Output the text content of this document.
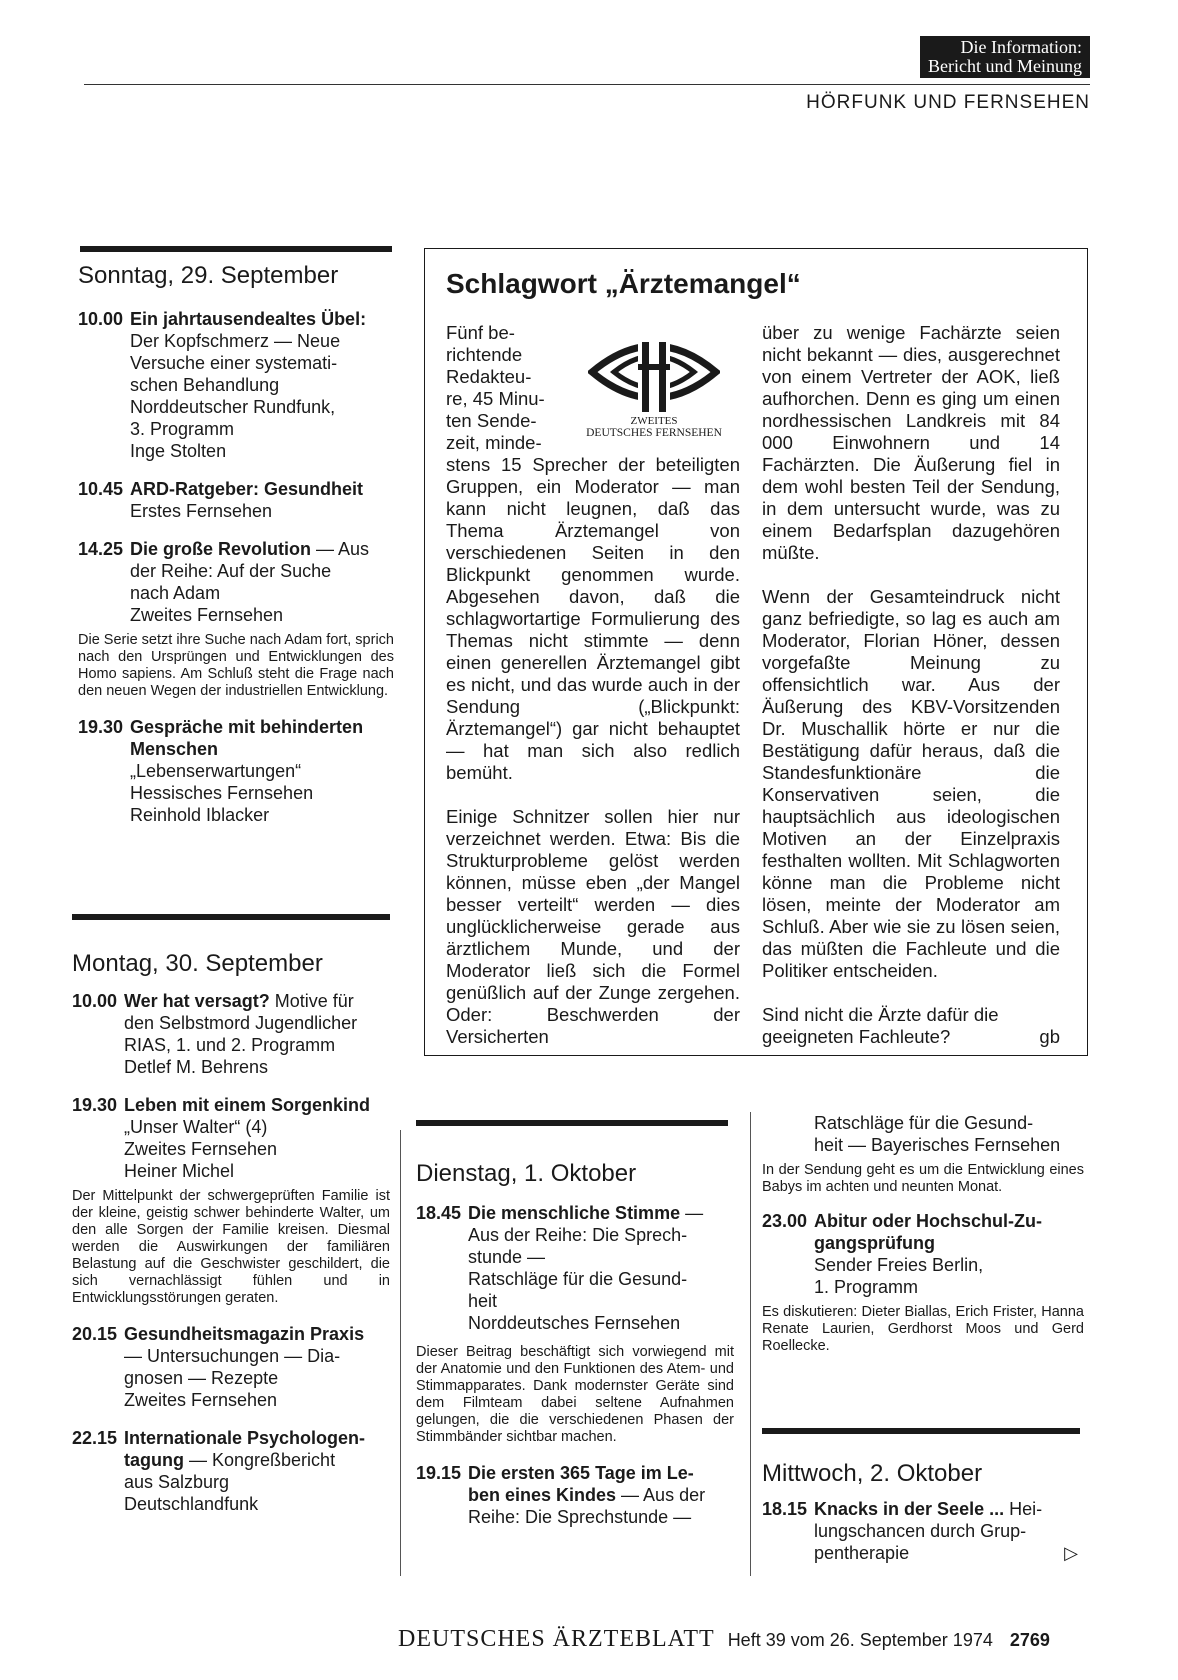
Die Information:
Bericht und Meinung
HÖRFUNK UND FERNSEHEN
Sonntag, 29. September
10.00 Ein jahrtausendealtes Übel:
Der Kopfschmerz — Neue
Versuche einer systemati-
schen Behandlung
Norddeutscher Rundfunk,
3. Programm
Inge Stolten
10.45 ARD-Ratgeber: Gesundheit
Erstes Fernsehen
14.25 Die große Revolution — Aus
der Reihe: Auf der Suche
nach Adam
Zweites Fernsehen
Die Serie setzt ihre Suche nach Adam fort, sprich nach den Ursprüngen und Entwicklungen des Homo sapiens. Am Schluß steht die Frage nach den neuen Wegen der industriellen Entwicklung.
19.30 Gespräche mit behinderten
Menschen
„Lebenserwartungen“
Hessisches Fernsehen
Reinhold Iblacker
Montag, 30. September
10.00 Wer hat versagt? Motive für
den Selbstmord Jugendlicher
RIAS, 1. und 2. Programm
Detlef M. Behrens
19.30 Leben mit einem Sorgenkind
„Unser Walter“ (4)
Zweites Fernsehen
Heiner Michel
Der Mittelpunkt der schwergeprüften Familie ist der kleine, geistig schwer behinderte Walter, um den alle Sorgen der Familie kreisen. Diesmal werden die Auswirkungen der familiären Belastung auf die Geschwister geschildert, die sich vernachlässigt fühlen und in Entwicklungsstörungen geraten.
20.15 Gesundheitsmagazin Praxis
— Untersuchungen — Dia-
gnosen — Rezepte
Zweites Fernsehen
22.15 Internationale Psychologen-
tagung — Kongreßbericht
aus Salzburg
Deutschlandfunk
Schlagwort „Ärztemangel“
Fünf be-
richtende
Redakteu-
re, 45 Minu-
ten Sende-
zeit, minde-
ZWEITES
DEUTSCHES FERNSEHEN
stens 15 Sprecher der beteiligten Gruppen, ein Moderator — man kann nicht leugnen, daß das Thema Ärztemangel von verschiedenen Seiten in den Blickpunkt genommen wurde. Abgesehen davon, daß die schlagwortartige Formulierung des Themas nicht stimmte — denn einen generellen Ärztemangel gibt es nicht, und das wurde auch in der Sendung („Blickpunkt: Ärztemangel“) gar nicht behauptet — hat man sich also redlich bemüht.
Einige Schnitzer sollen hier nur verzeichnet werden. Etwa: Bis die Strukturprobleme gelöst werden können, müsse eben „der Mangel besser verteilt“ werden — dies unglücklicherweise gerade aus ärztlichem Munde, und der Moderator ließ sich die Formel genüßlich auf der Zunge zergehen. Oder: Beschwerden der Versicherten
über zu wenige Fachärzte seien nicht bekannt — dies, ausgerechnet von einem Vertreter der AOK, ließ aufhorchen. Denn es ging um einen nordhessischen Landkreis mit 84 000 Einwohnern und 14 Fachärzten. Die Äußerung fiel in dem wohl besten Teil der Sendung, in dem untersucht wurde, was zu einem Bedarfsplan dazugehören müßte.
Wenn der Gesamteindruck nicht ganz befriedigte, so lag es auch am Moderator, Florian Höner, dessen vorgefaßte Meinung zu offensichtlich war. Aus der Äußerung des KBV-Vorsitzenden Dr. Muschallik hörte er nur die Bestätigung dafür heraus, daß die Standesfunktionäre die Konservativen seien, die hauptsächlich aus ideologischen Motiven an der Einzelpraxis festhalten wollten. Mit Schlagworten könne man die Probleme nicht lösen, meinte der Moderator am Schluß. Aber wie sie zu lösen seien, das müßten die Fachleute und die Politiker entscheiden.
Sind nicht die Ärzte dafür die geeigneten Fachleute?	gb
Dienstag, 1. Oktober
18.45 Die menschliche Stimme —
Aus der Reihe: Die Sprech-
stunde —
Ratschläge für die Gesund-
heit
Norddeutsches Fernsehen
Dieser Beitrag beschäftigt sich vorwiegend mit der Anatomie und den Funktionen des Atem- und Stimmapparates. Dank modernster Geräte sind dem Filmteam dabei seltene Aufnahmen gelungen, die die verschiedenen Phasen der Stimmbänder sichtbar machen.
19.15 Die ersten 365 Tage im Le-
ben eines Kindes — Aus der
Reihe: Die Sprechstunde —
Ratschläge für die Gesund-
heit — Bayerisches Fernsehen
In der Sendung geht es um die Entwicklung eines Babys im achten und neunten Monat.
23.00 Abitur oder Hochschul-Zu-
gangsprüfung
Sender Freies Berlin,
1. Programm
Es diskutieren: Dieter Biallas, Erich Frister, Hanna Renate Laurien, Gerdhorst Moos und Gerd Roellecke.
Mittwoch, 2. Oktober
18.15 Knacks in der Seele ... Hei-
lungschancen durch Grup-
pentherapie	▷
DEUTSCHES ÄRZTEBLATT Heft 39 vom 26. September 1974 2769
